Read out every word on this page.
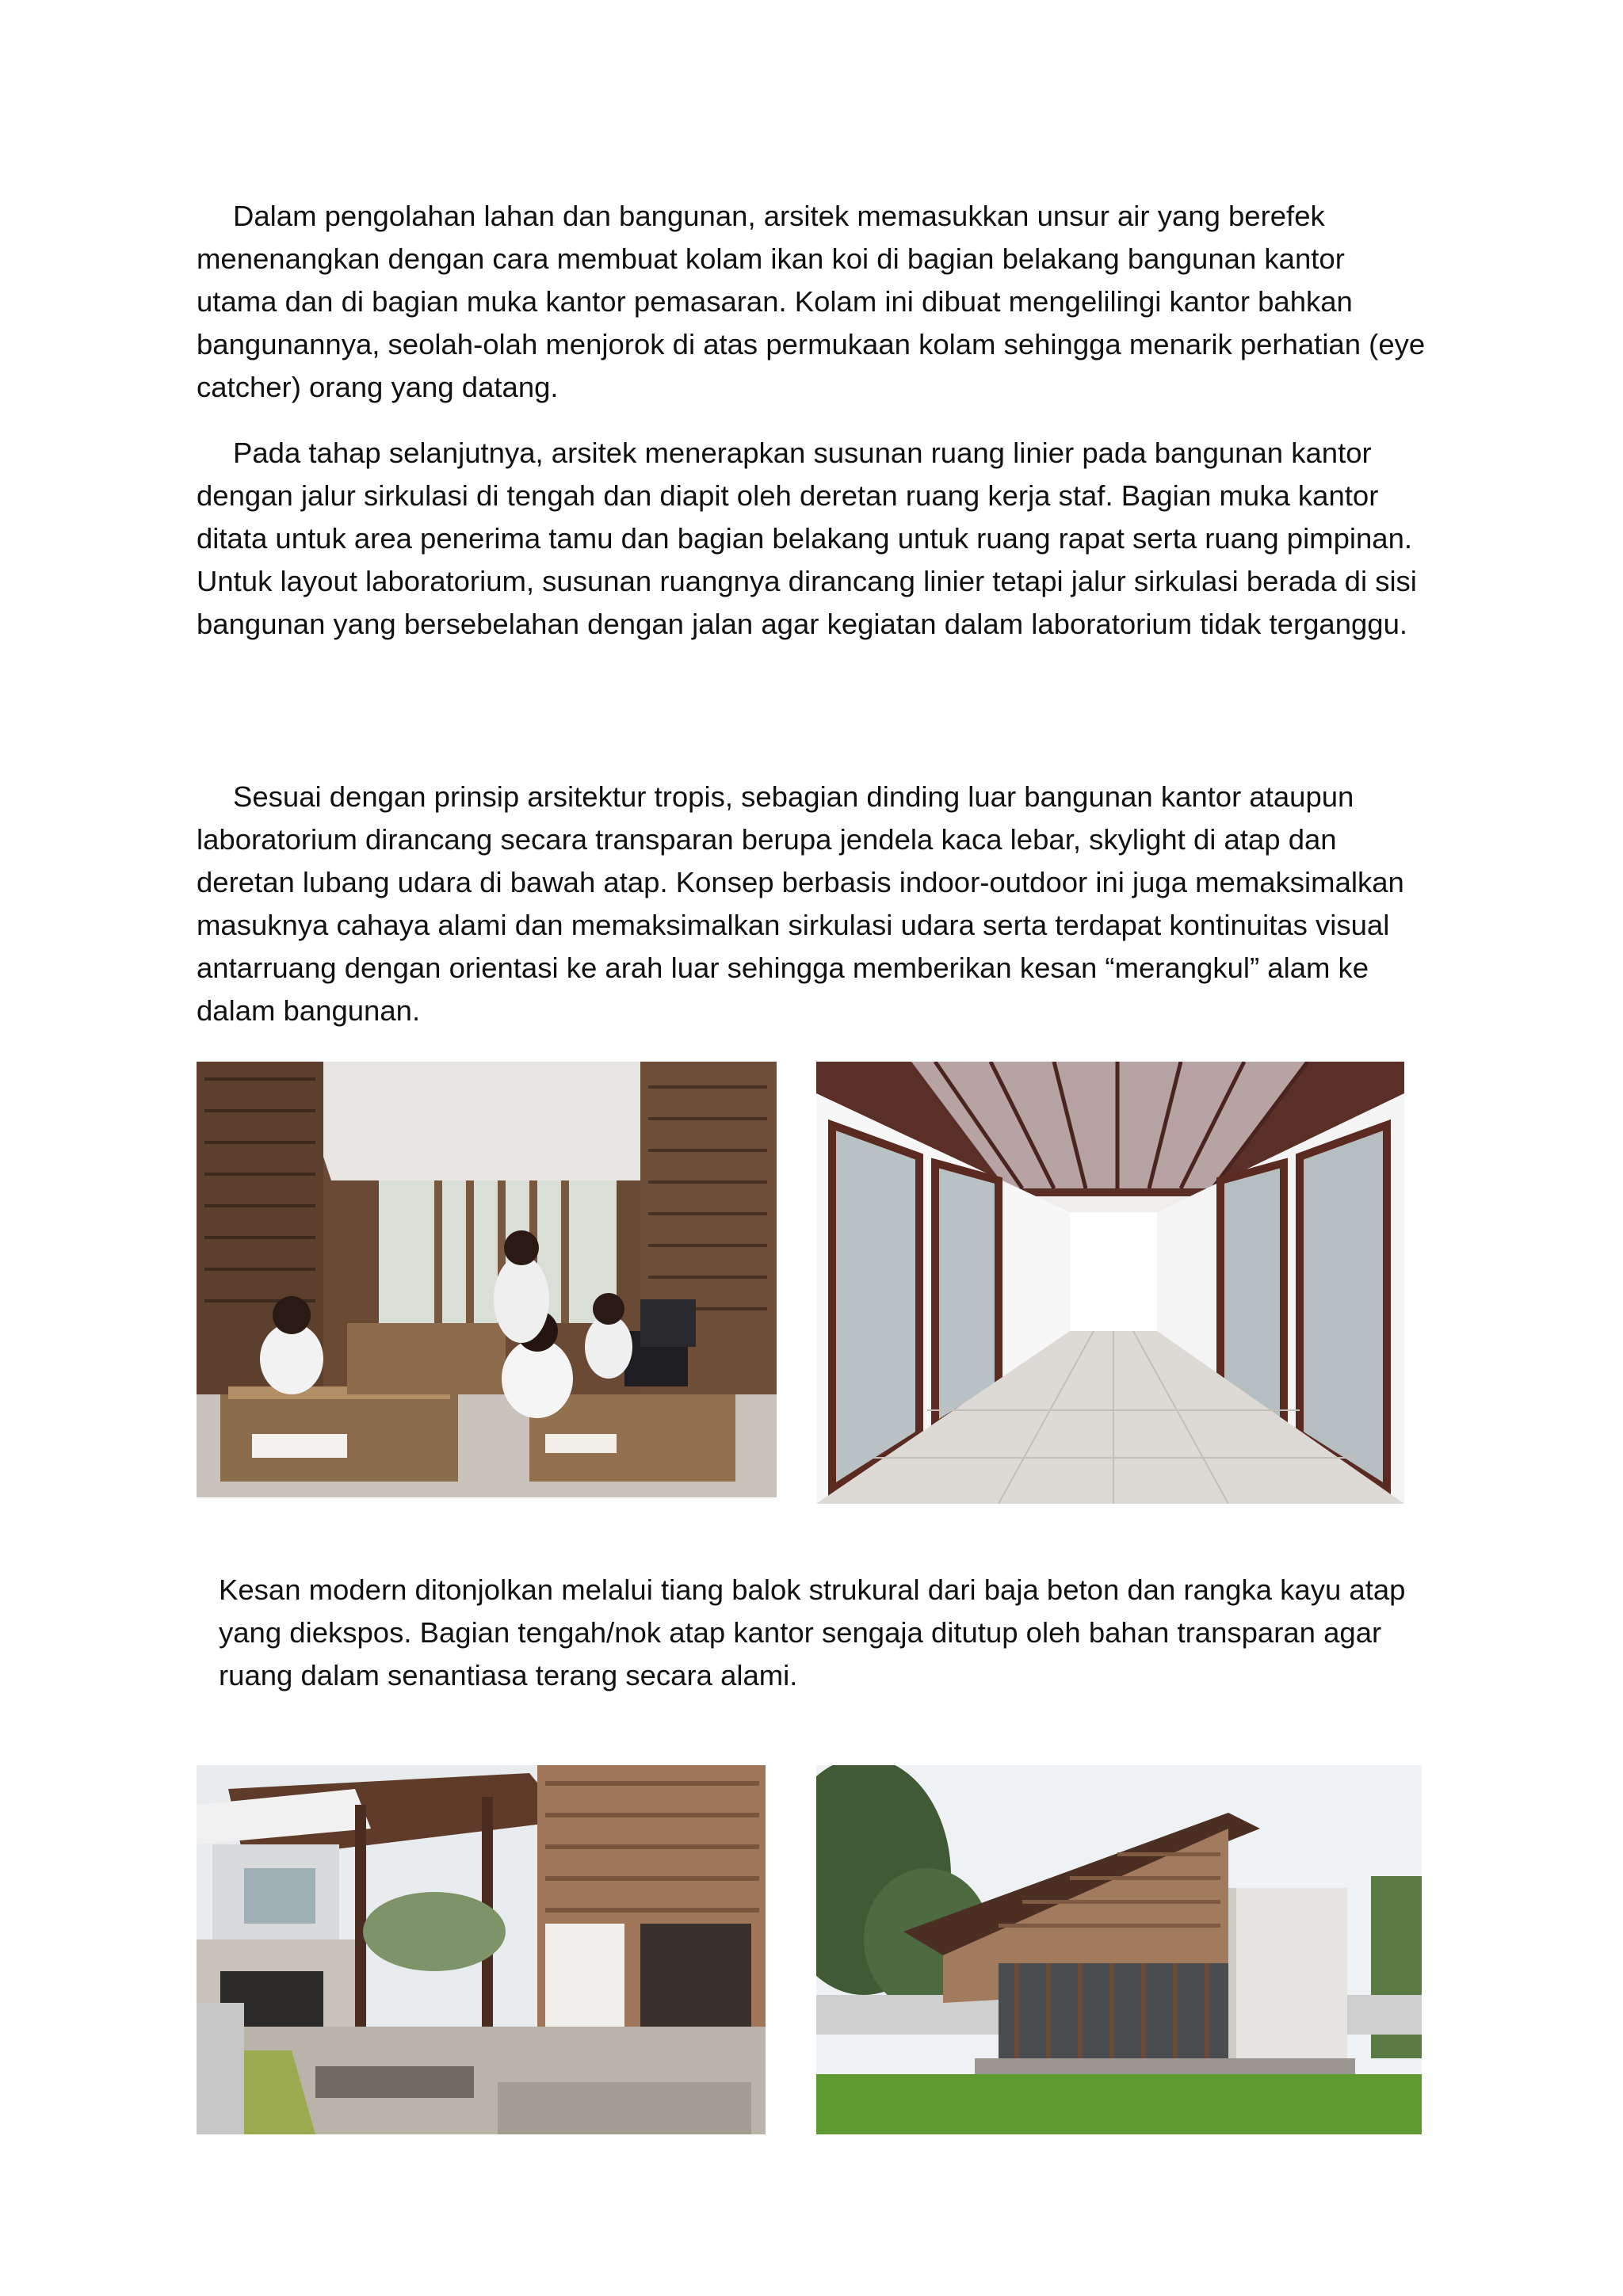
Dalam pengolahan lahan dan bangunan, arsitek memasukkan unsur air yang berefek menenangkan dengan cara membuat kolam ikan koi di bagian belakang bangunan kantor utama dan di bagian muka kantor pemasaran. Kolam ini dibuat mengelilingi kantor bahkan bangunannya, seolah-olah menjorok di atas permukaan kolam sehingga menarik perhatian (eye catcher) orang yang datang.

Pada tahap selanjutnya, arsitek menerapkan susunan ruang linier pada bangunan kantor dengan jalur sirkulasi di tengah dan diapit oleh deretan ruang kerja staf. Bagian muka kantor ditata untuk area penerima tamu dan bagian belakang untuk ruang rapat serta ruang pimpinan. Untuk layout laboratorium, susunan ruangnya dirancang linier tetapi jalur sirkulasi berada di sisi bangunan yang bersebelahan dengan jalan agar kegiatan dalam laboratorium tidak terganggu.

Sesuai dengan prinsip arsitektur tropis, sebagian dinding luar bangunan kantor ataupun laboratorium dirancang secara transparan berupa jendela kaca lebar, skylight di atap dan deretan lubang udara di bawah atap. Konsep berbasis indoor-outdoor ini juga memaksimalkan masuknya cahaya alami dan memaksimalkan sirkulasi udara serta terdapat kontinuitas visual antarruang dengan orientasi ke arah luar sehingga memberikan kesan “merangkul” alam ke dalam bangunan.

Kesan modern ditonjolkan melalui tiang balok strukural dari baja beton dan rangka kayu atap yang diekspos. Bagian tengah/nok atap kantor sengaja ditutup oleh bahan transparan agar ruang dalam senantiasa terang secara alami.
